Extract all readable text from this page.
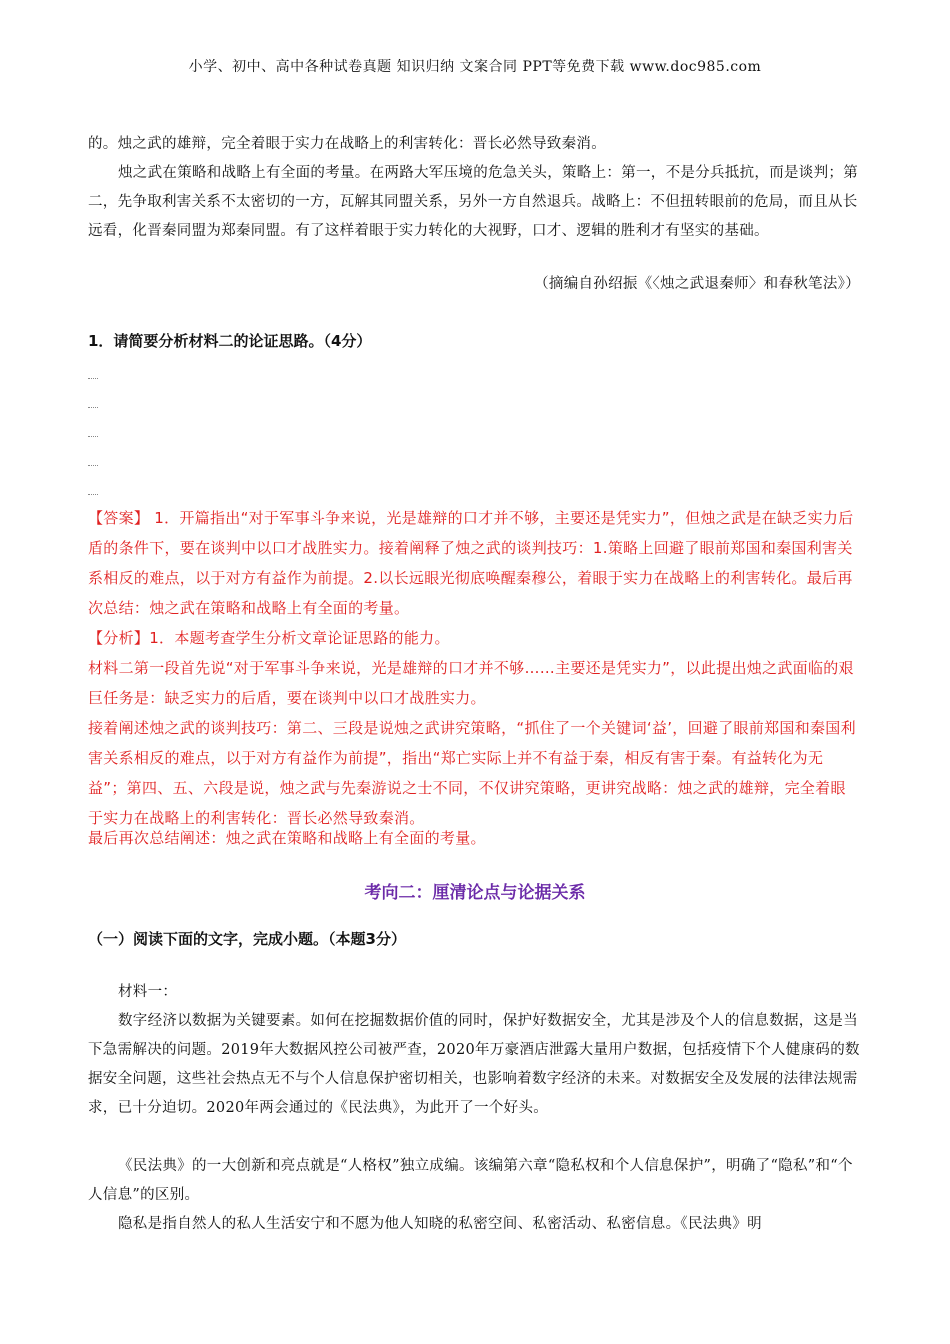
小学、初中、高中各种试卷真题 知识归纳 文案合同 PPT等免费下载 www.doc985.com

的。烛之武的雄辩，完全着眼于实力在战略上的利害转化：晋长必然导致秦消。

烛之武在策略和战略上有全面的考量。在两路大军压境的危急关头，策略上：第一，不是分兵抵抗，而是谈判；第二，先争取利害关系不太密切的一方，瓦解其同盟关系，另外一方自然退兵。战略上：不但扭转眼前的危局，而且从长远看，化晋秦同盟为郑秦同盟。有了这样着眼于实力转化的大视野，口才、逻辑的胜利才有坚实的基础。

（摘编自孙绍振《〈烛之武退秦师〉和春秋笔法》）
1．请简要分析材料二的论证思路。（4分）

【答案】 1．开篇指出“对于军事斗争来说，光是雄辩的口才并不够，主要还是凭实力”，但烛之武是在缺乏实力后盾的条件下，要在谈判中以口才战胜实力。接着阐释了烛之武的谈判技巧：1.策略上回避了眼前郑国和秦国利害关系相反的难点，以于对方有益作为前提。2.以长远眼光彻底唤醒秦穆公，着眼于实力在战略上的利害转化。最后再次总结：烛之武在策略和战略上有全面的考量。

【分析】1．本题考查学生分析文章论证思路的能力。

材料二第一段首先说“对于军事斗争来说，光是雄辩的口才并不够……主要还是凭实力”，以此提出烛之武面临的艰巨任务是：缺乏实力的后盾，要在谈判中以口才战胜实力。

接着阐述烛之武的谈判技巧：第二、三段是说烛之武讲究策略，“抓住了一个关键词‘益’，回避了眼前郑国和秦国利害关系相反的难点，以于对方有益作为前提”，指出“郑亡实际上并不有益于秦，相反有害于秦。有益转化为无益”；第四、五、六段是说，烛之武与先秦游说之士不同，不仅讲究策略，更讲究战略：烛之武的雄辩，完全着眼于实力在战略上的利害转化：晋长必然导致秦消。

最后再次总结阐述：烛之武在策略和战略上有全面的考量。

考向二：厘清论点与论据关系
（一）阅读下面的文字，完成小题。（本题3分）

材料一：

数字经济以数据为关键要素。如何在挖掘数据价值的同时，保护好数据安全，尤其是涉及个人的信息数据，这是当下急需解决的问题。2019年大数据风控公司被严查，2020年万豪酒店泄露大量用户数据，包括疫情下个人健康码的数据安全问题，这些社会热点无不与个人信息保护密切相关，也影响着数字经济的未来。对数据安全及发展的法律法规需求，已十分迫切。2020年两会通过的《民法典》，为此开了一个好头。

《民法典》的一大创新和亮点就是“人格权”独立成编。该编第六章“隐私权和个人信息保护”，明确了“隐私”和“个人信息”的区别。

隐私是指自然人的私人生活安宁和不愿为他人知晓的私密空间、私密活动、私密信息。《民法典》明
